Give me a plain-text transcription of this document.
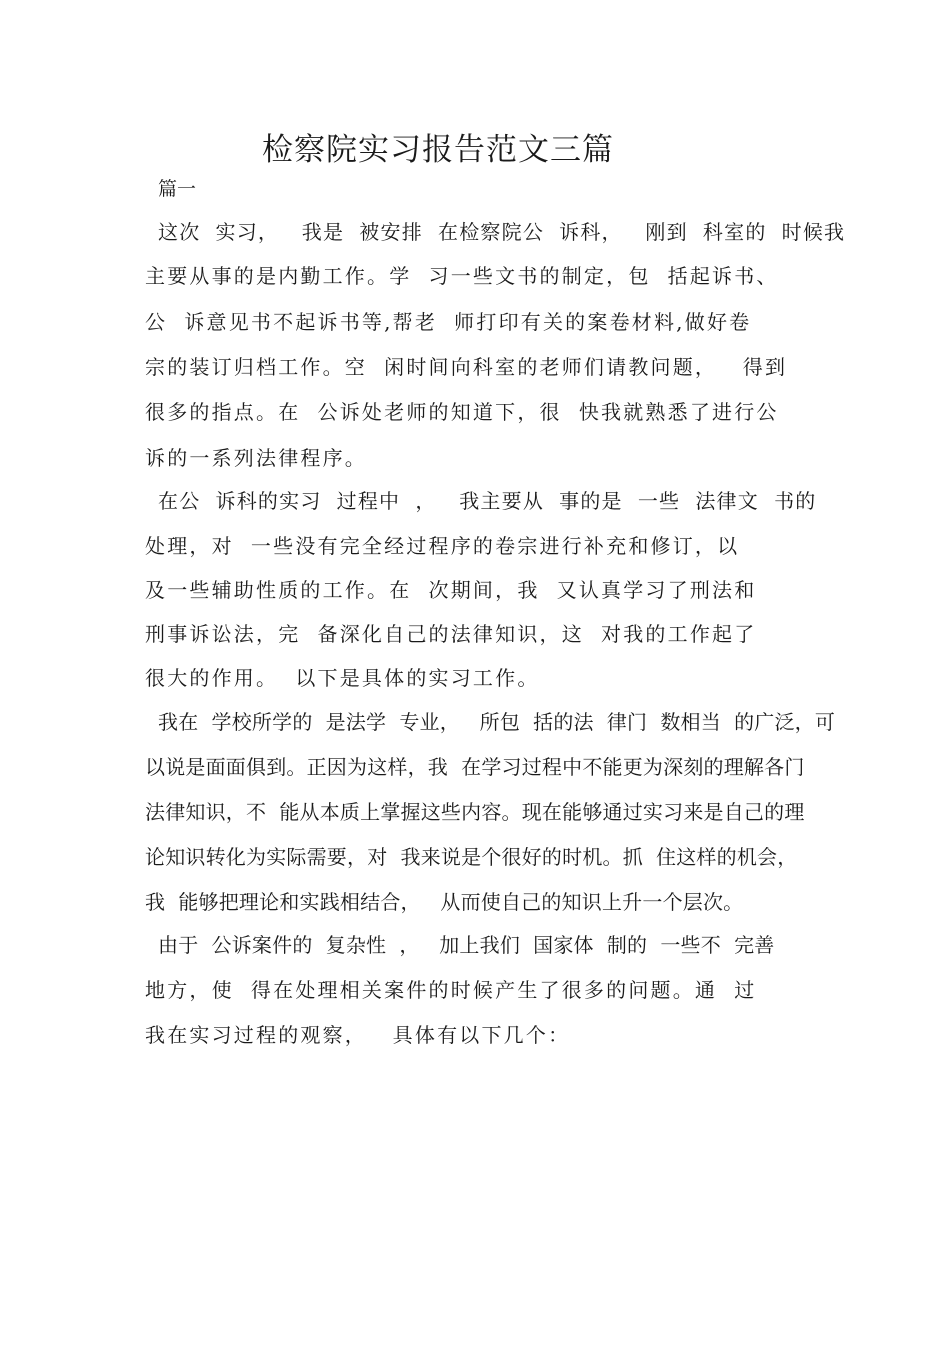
检察院实习报告范文三篇
篇一
这次  实习，   我是  被安排  在检察院公  诉科，   刚到  科室的  时候我
主要从事的是内勤工作。学  习一些文书的制定，包  括起诉书、
公  诉意见书不起诉书等,帮老  师打印有关的案卷材料,做好卷
宗的装订归档工作。空  闲时间向科室的老师们请教问题，   得到
很多的指点。在  公诉处老师的知道下，很  快我就熟悉了进行公
诉的一系列法律程序。
在公  诉科的实习  过程中  ，   我主要从  事的是  一些  法律文  书的
处理，对  一些没有完全经过程序的卷宗进行补充和修订，以
及一些辅助性质的工作。在  次期间，我  又认真学习了刑法和
刑事诉讼法，完  备深化自己的法律知识，这  对我的工作起了
很大的作用。  以下是具体的实习工作。
我在  学校所学的  是法学  专业，   所包  括的法  律门  数相当  的广泛，可
以说是面面俱到。正因为这样，我  在学习过程中不能更为深刻的理解各门
法律知识，不  能从本质上掌握这些内容。现在能够通过实习来是自己的理
论知识转化为实际需要，对  我来说是个很好的时机。抓  住这样的机会，
我  能够把理论和实践相结合，   从而使自己的知识上升一个层次。
由于  公诉案件的  复杂性  ，   加上我们  国家体  制的  一些不  完善
地方，使  得在处理相关案件的时候产生了很多的问题。通  过
我在实习过程的观察，   具体有以下几个：
